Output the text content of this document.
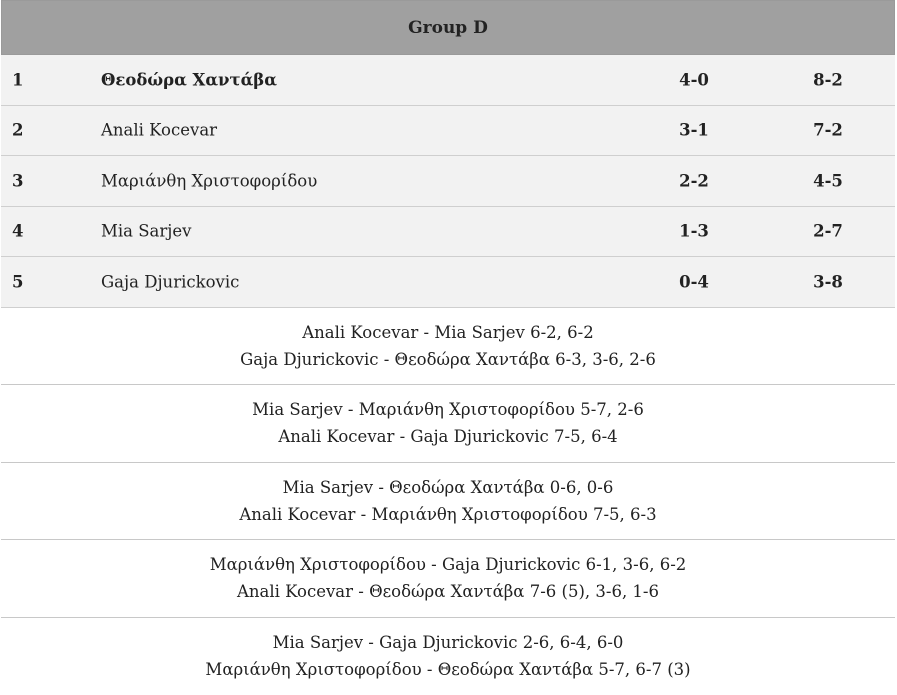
Group D
1	Θεοδώρα Χαντάβα	4-0	8-2
2	Anali Kocevar	3-1	7-2
3	Μαριάνθη Χριστοφορίδου	2-2	4-5
4	Mia Sarjev	1-3	2-7
5	Gaja Djurickovic	0-4	3-8
Anali Kocevar - Mia Sarjev 6-2, 6-2
Gaja Djurickovic - Θεοδώρα Χαντάβα 6-3, 3-6, 2-6
Mia Sarjev - Μαριάνθη Χριστοφορίδου 5-7, 2-6
Anali Kocevar - Gaja Djurickovic 7-5, 6-4
Mia Sarjev - Θεοδώρα Χαντάβα 0-6, 0-6
Anali Kocevar - Μαριάνθη Χριστοφορίδου 7-5, 6-3
Μαριάνθη Χριστοφορίδου - Gaja Djurickovic 6-1, 3-6, 6-2
Anali Kocevar - Θεοδώρα Χαντάβα 7-6 (5), 3-6, 1-6
Mia Sarjev - Gaja Djurickovic 2-6, 6-4, 6-0
Μαριάνθη Χριστοφορίδου - Θεοδώρα Χαντάβα 5-7, 6-7 (3)
